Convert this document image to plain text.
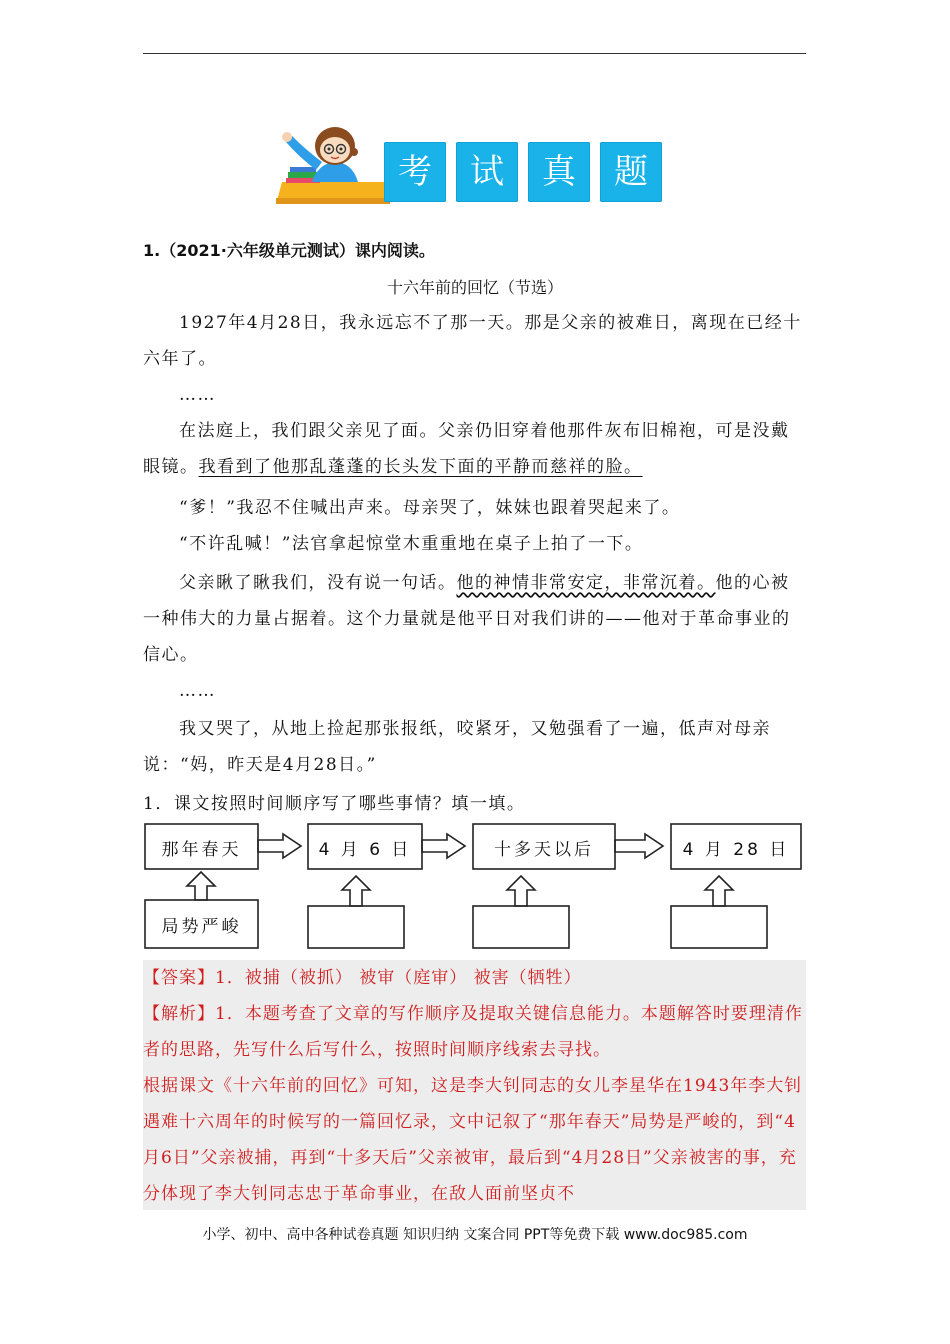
考	试	真	题
1.（2021·六年级单元测试）课内阅读。
十六年前的回忆（节选）
1927年4月28日，我永远忘不了那一天。那是父亲的被难日，离现在已经十六年了。
……
在法庭上，我们跟父亲见了面。父亲仍旧穿着他那件灰布旧棉袍，可是没戴眼镜。我看到了他那乱蓬蓬的长头发下面的平静而慈祥的脸。
“爹！”我忍不住喊出声来。母亲哭了，妹妹也跟着哭起来了。
“不许乱喊！”法官拿起惊堂木重重地在桌子上拍了一下。
父亲瞅了瞅我们，没有说一句话。他的神情非常安定，非常沉着。他的心被一种伟大的力量占据着。这个力量就是他平日对我们讲的——他对于革命事业的信心。
……
我又哭了，从地上捡起那张报纸，咬紧牙，又勉强看了一遍，低声对母亲说：“妈，昨天是4月28日。”
1．课文按照时间顺序写了哪些事情？填一填。
那年春天	4 月 6 日	十多天以后	4 月 28 日
局势严峻

【答案】1．被捕（被抓） 被审（庭审） 被害（牺牲）

【解析】1．本题考查了文章的写作顺序及提取关键信息能力。本题解答时要理清作者的思路，先写什么后写什么，按照时间顺序线索去寻找。

根据课文《十六年前的回忆》可知，这是李大钊同志的女儿李星华在1943年李大钊遇难十六周年的时候写的一篇回忆录，文中记叙了“那年春天”局势是严峻的，到“4月6日”父亲被捕，再到“十多天后”父亲被审，最后到“4月28日”父亲被害的事，充分体现了李大钊同志忠于革命事业，在敌人面前坚贞不

小学、初中、高中各种试卷真题 知识归纳 文案合同 PPT等免费下载 www.doc985.com
